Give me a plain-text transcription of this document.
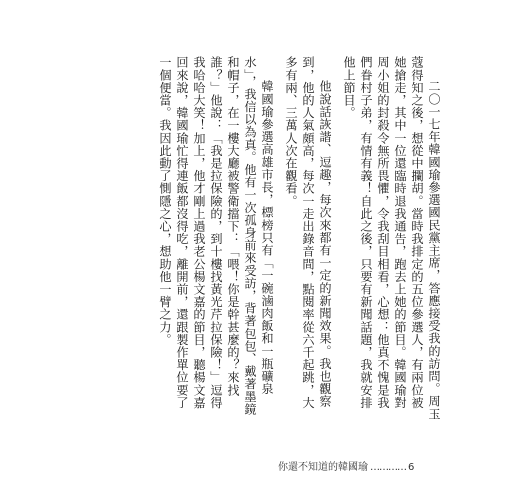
二〇一七年韓國瑜參選國民黨主席，答應接受我的訪問。周玉蔻得知之後，想從中攔胡。當時我排定的五位參選人，有兩位被她搶走，其中一位還臨時退我通告，跑去上她的節目。韓國瑜對周小姐的封殺令無所畏懼，令我刮目相看，心想：他真不愧是我們眷村子弟，有情有義！自此之後，只要有新聞話題，我就安排他上節目。

他說話詼諧、逗趣，每次來都有一定的新聞效果。我也觀察到，他的人氣頗高，每次一走出錄音間，點閱率從六千起跳，大多有兩、三萬人次在觀看。

韓國瑜參選高雄市長，標榜只有「一碗滷肉飯和一瓶礦泉水」，我信以為真。他有一次孤身前來受訪，背著包包、戴著墨鏡和帽子，在一樓大廳被警衛擋下：「喂！你是幹甚麼的？來找誰？」他說：「我是拉保險的，到十樓找黃光芹拉保險！」逗得我哈哈大笑！加上，他才剛上過我老公楊文嘉的節目，聽楊文嘉回來說，韓國瑜忙得連飯都沒得吃，離開前，還跟製作單位要了一個便當。我因此動了惻隱之心，想助他一臂之力。

你還不知道的韓國瑜 ………… 6
